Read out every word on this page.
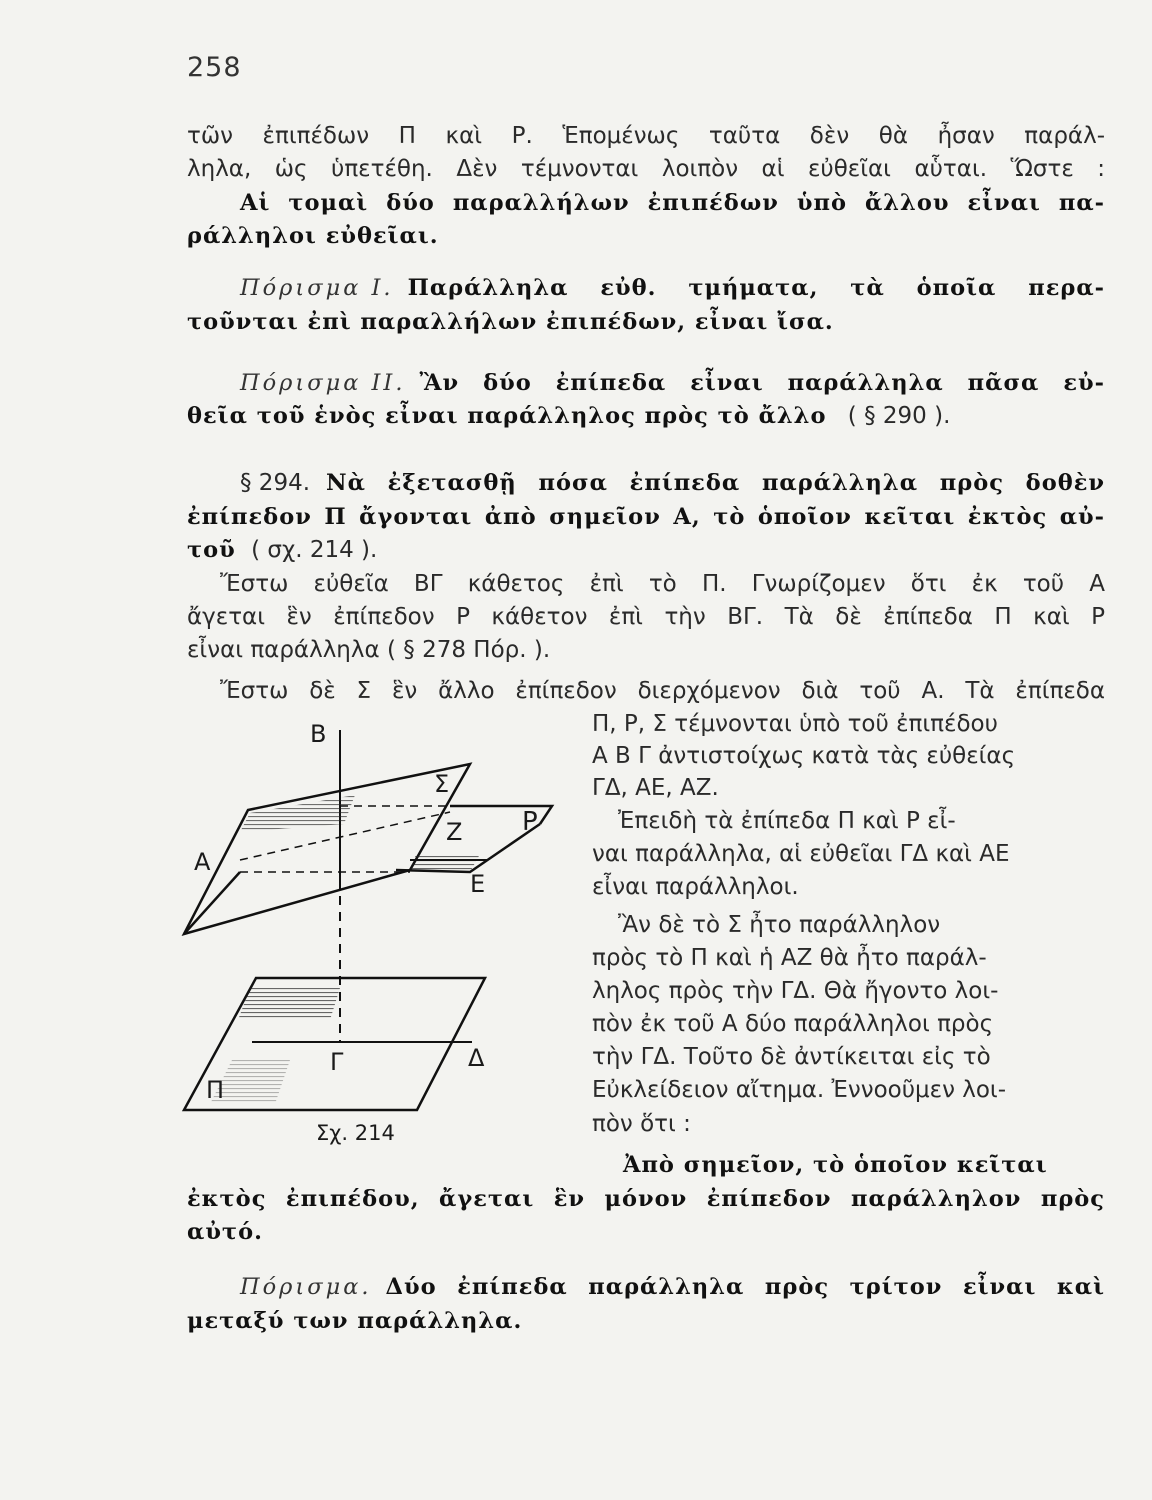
258
τῶν ἐπιπέδων Π καὶ Ρ. Ἑπομένως ταῦτα δὲν θὰ ἦσαν παράλ-
ληλα, ὡς ὑπετέθη. Δὲν τέμνονται λοιπὸν αἱ εὐθεῖαι αὗται. Ὥστε :
Αἱ τομαὶ δύο παραλλήλων ἐπιπέδων ὑπὸ ἄλλου εἶναι πα-
ράλληλοι εὐθεῖαι.
Πόρισμα I. Παράλληλα εὐθ. τμήματα, τὰ ὁποῖα περα-
τοῦνται ἐπὶ παραλλήλων ἐπιπέδων, εἶναι ἴσα.
Πόρισμα II. Ἂν δύο ἐπίπεδα εἶναι παράλληλα πᾶσα εὐ-
θεῖα τοῦ ἑνὸς εἶναι παράλληλος πρὸς τὸ ἄλλο ( § 290 ).
§ 294. Νὰ ἐξετασθῇ πόσα ἐπίπεδα παράλληλα πρὸς δοθὲν
ἐπίπεδον Π ἄγονται ἀπὸ σημεῖον Α, τὸ ὁποῖον κεῖται ἐκτὸς αὐ-
τοῦ ( σχ. 214 ).
Ἔστω εὐθεῖα ΒΓ κάθετος ἐπὶ τὸ Π. Γνωρίζομεν ὅτι ἐκ τοῦ Α
ἄγεται ἓν ἐπίπεδον Ρ κάθετον ἐπὶ τὴν ΒΓ. Τὰ δὲ ἐπίπεδα Π καὶ Ρ
εἶναι παράλληλα ( § 278 Πόρ. ).
Ἔστω δὲ Σ ἓν ἄλλο ἐπίπεδον διερχόμενον διὰ τοῦ Α. Τὰ ἐπίπεδα
Π, Ρ, Σ τέμνονται ὑπὸ τοῦ ἐπιπέδου
Α Β Γ ἀντιστοίχως κατὰ τὰς εὐθείας
ΓΔ, ΑΕ, ΑΖ.
Ἐπειδὴ τὰ ἐπίπεδα Π καὶ Ρ εἶ-
ναι παράλληλα, αἱ εὐθεῖαι ΓΔ καὶ ΑΕ
εἶναι παράλληλοι.
Ἂν δὲ τὸ Σ ἦτο παράλληλον
πρὸς τὸ Π καὶ ἡ ΑΖ θὰ ἦτο παράλ-
ληλος πρὸς τὴν ΓΔ. Θὰ ἤγοντο λοι-
πὸν ἐκ τοῦ Α δύο παράλληλοι πρὸς
τὴν ΓΔ. Τοῦτο δὲ ἀντίκειται εἰς τὸ
Εὐκλείδειον αἴτημα. Ἐννοοῦμεν λοι-
πὸν ὅτι :
Ἀπὸ σημεῖον, τὸ ὁποῖον κεῖται
ἐκτὸς ἐπιπέδου, ἄγεται ἓν μόνον ἐπίπεδον παράλληλον πρὸς
αὐτό.
Πόρισμα. Δύο ἐπίπεδα παράλληλα πρὸς τρίτον εἶναι καὶ
μεταξύ των παράλληλα.
Β
Σ
Ζ Ρ
Α
Ε
Γ	Δ
Π
Σχ. 214
